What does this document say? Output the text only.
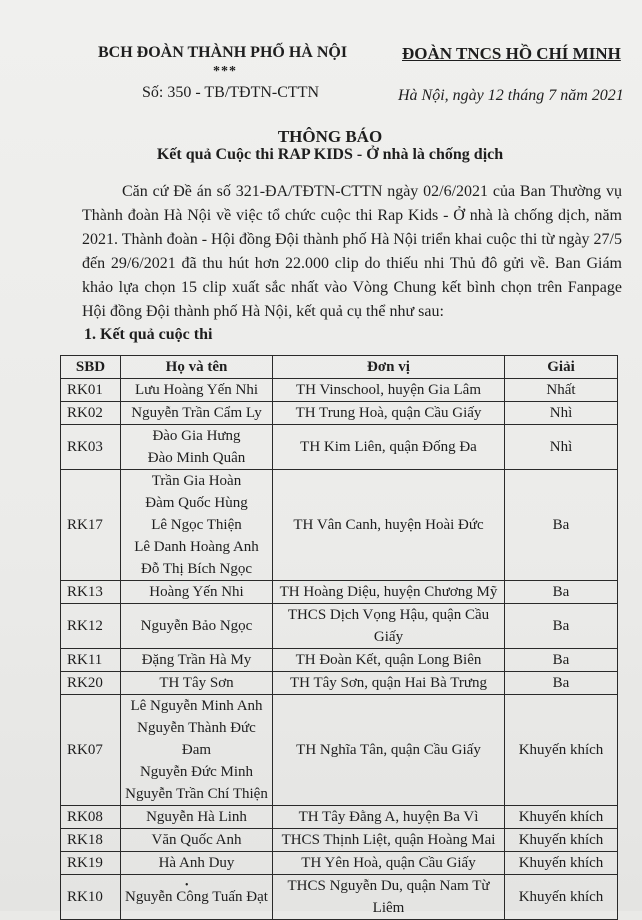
BCH ĐOÀN THÀNH PHỐ HÀ NỘI
***
Số: 350 - TB/TĐTN-CTTN
ĐOÀN TNCS HỒ CHÍ MINH
Hà Nội, ngày 12 tháng 7 năm 2021
THÔNG BÁO
Kết quả Cuộc thi RAP KIDS - Ở nhà là chống dịch

Căn cứ Đề án số 321-ĐA/TĐTN-CTTN ngày 02/6/2021 của Ban Thường vụ Thành đoàn Hà Nội về việc tổ chức cuộc thi Rap Kids - Ở nhà là chống dịch, năm 2021. Thành đoàn - Hội đồng Đội thành phố Hà Nội triển khai cuộc thi từ ngày 27/5 đến 29/6/2021 đã thu hút hơn 22.000 clip do thiếu nhi Thủ đô gửi về. Ban Giám khảo lựa chọn 15 clip xuất sắc nhất vào Vòng Chung kết bình chọn trên Fanpage Hội đồng Đội thành phố Hà Nội, kết quả cụ thể như sau:

1. Kết quả cuộc thi
SBD	Họ và tên	Đơn vị	Giải
RK01	Lưu Hoàng Yến Nhi	TH Vinschool, huyện Gia Lâm	Nhất
RK02	Nguyễn Trần Cẩm Ly	TH Trung Hoà, quận Cầu Giấy	Nhì
RK03	Đào Gia Hưng
Đào Minh Quân	TH Kim Liên, quận Đống Đa	Nhì
RK17	Trần Gia Hoàn
Đàm Quốc Hùng
Lê Ngọc Thiện
Lê Danh Hoàng Anh
Đỗ Thị Bích Ngọc	TH Vân Canh, huyện Hoài Đức	Ba
RK13	Hoàng Yến Nhi	TH Hoàng Diệu, huyện Chương Mỹ	Ba
RK12	Nguyễn Bảo Ngọc	THCS Dịch Vọng Hậu, quận Cầu Giấy	Ba
RK11	Đặng Trần Hà My	TH Đoàn Kết, quận Long Biên	Ba
RK20	TH Tây Sơn	TH Tây Sơn, quận Hai Bà Trưng	Ba
RK07	Lê Nguyễn Minh Anh
Nguyễn Thành Đức Đam
Nguyễn Đức Minh
Nguyễn Trần Chí Thiện	TH Nghĩa Tân, quận Cầu Giấy	Khuyến khích
RK08	Nguyễn Hà Linh	TH Tây Đằng A, huyện Ba Vì	Khuyến khích
RK18	Văn Quốc Anh	THCS Thịnh Liệt, quận Hoàng Mai	Khuyến khích
RK19	Hà Anh Duy	TH Yên Hoà, quận Cầu Giấy	Khuyến khích
RK10	Nguyễn Công Tuấn Đạt	THCS Nguyễn Du, quận Nam Từ Liêm	Khuyến khích
•
